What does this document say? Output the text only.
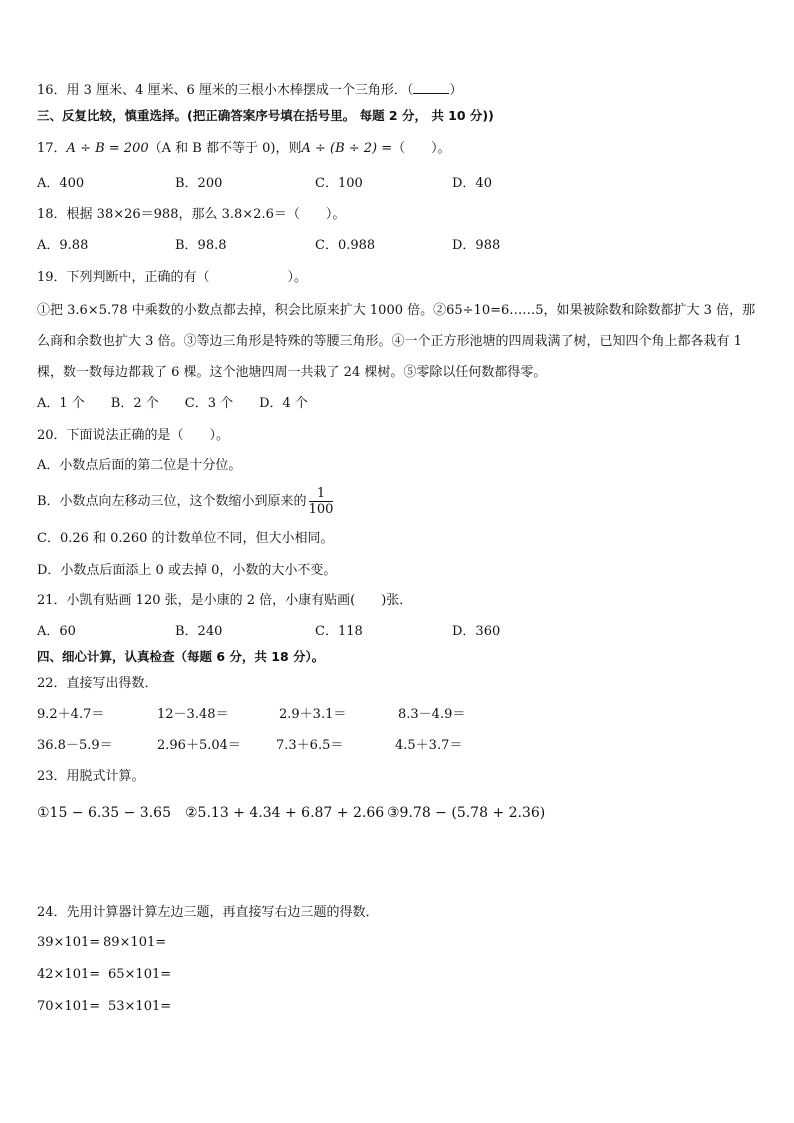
16．用 3 厘米、4 厘米、6 厘米的三根小木棒摆成一个三角形．（	）
三、反复比较，慎重选择。(把正确答案序号填在括号里。 每题 2 分， 共 10 分))
17．A ÷ B = 200（A 和 B 都不等于 0)，则A ÷ (B ÷ 2) =（　　）。
A．400	B．200	C．100	D．40
18．根据 38×26＝988，那么 3.8×2.6＝（　　）。
A．9.88	B．98.8	C．0.988	D．988
19．下列判断中，正确的有（　　　　　　）。
①把 3.6×5.78 中乘数的小数点都去掉，积会比原来扩大 1000 倍。②65÷10=6……5，如果被除数和除数都扩大 3 倍，那么商和余数也扩大 3 倍。③等边三角形是特殊的等腰三角形。④一个正方形池塘的四周栽满了树，已知四个角上都各栽有 1 棵，数一数每边都栽了 6 棵。这个池塘四周一共栽了 24 棵树。⑤零除以任何数都得零。
A．1 个　　B．2 个　　C．3 个　　D．4 个
20．下面说法正确的是（　　）。
A．小数点后面的第二位是十分位。
B．小数点向左移动三位，这个数缩小到原来的 $\frac{1}{100}$
C．0.26 和 0.260 的计数单位不同，但大小相同。
D．小数点后面添上 0 或去掉 0，小数的大小不变。
21．小凯有贴画 120 张，是小康的 2 倍，小康有贴画(　　)张．
A．60	B．240	C．118	D．360
四、细心计算，认真检查（每题 6 分，共 18 分）。
22．直接写出得数．
9.2＋4.7＝	12－3.48＝	2.9＋3.1＝	8.3－4.9＝
36.8－5.9＝	2.96＋5.04＝	7.3＋6.5＝	4.5＋3.7＝
23．用脱式计算。
①15 − 6.35 − 3.65 ②5.13 + 4.34 + 6.87 + 2.66 ③9.78 − (5.78 + 2.36)
24．先用计算器计算左边三题，再直接写右边三题的得数．
39×101= 89×101=
42×101= 65×101=
70×101= 53×101=
